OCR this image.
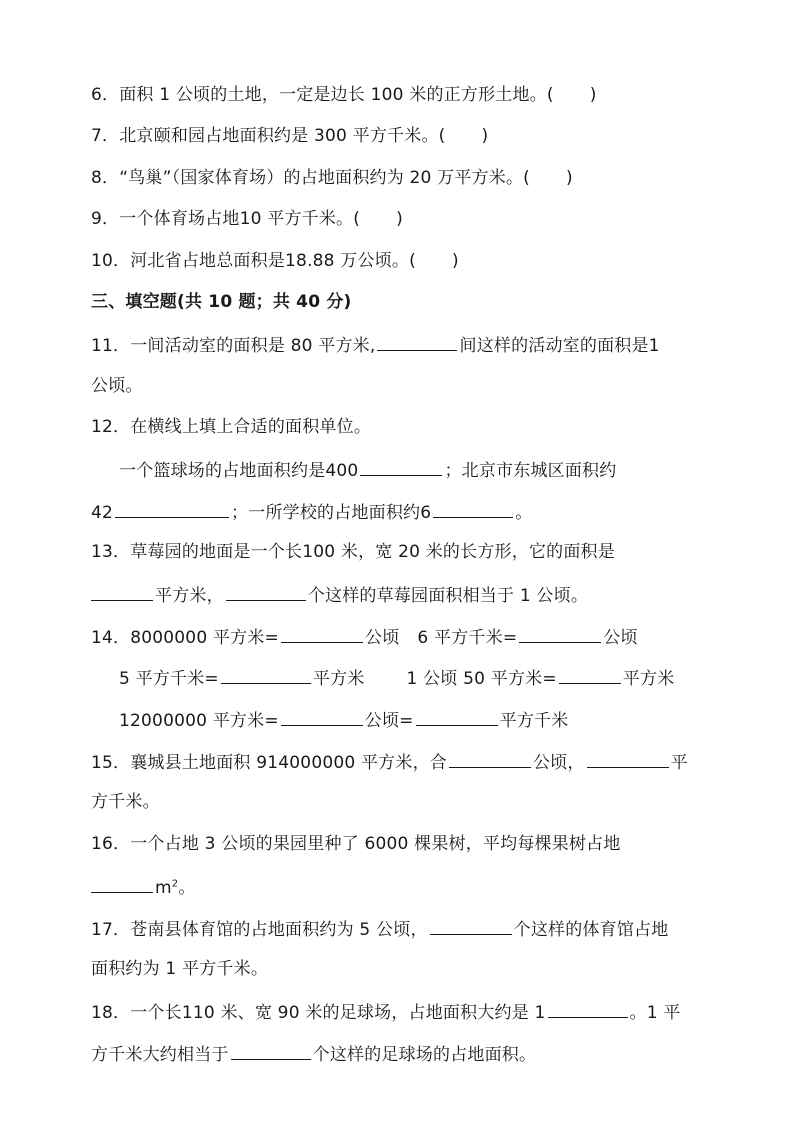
6．面积 1 公顷的土地，一定是边长 100 米的正方形土地。( )
7．北京颐和园占地面积约是 300 平方千米。( )
8．“鸟巢”（国家体育场）的占地面积约为 20 万平方米。( )
9．一个体育场占地10 平方千米。( )
10．河北省占地总面积是18.88 万公顷。( )
三、填空题(共 10 题；共 40 分)
11．一间活动室的面积是 80 平方米,	间这样的活动室的面积是1
公顷。
12．在横线上填上合适的面积单位。
一个篮球场的占地面积约是400	；北京市东城区面积约
42	；一所学校的占地面积约6	。
13．草莓园的地面是一个长100 米，宽 20 米的长方形，它的面积是
平方米，	个这样的草莓园面积相当于 1 公顷。
14．8000000 平方米=	公顷 6 平方千米=	公顷
5 平方千米=	平方米 1 公顷 50 平方米=	平方米
12000000 平方米=	公顷=	平方千米
15．襄城县土地面积 914000000 平方米，合	公顷，	平
方千米。
16．一个占地 3 公顷的果园里种了 6000 棵果树，平均每棵果树占地
$m^2$。
17．苍南县体育馆的占地面积约为 5 公顷，	个这样的体育馆占地
面积约为 1 平方千米。
18．一个长110 米、宽 90 米的足球场，占地面积大约是 1	。1 平
方千米大约相当于	个这样的足球场的占地面积。
